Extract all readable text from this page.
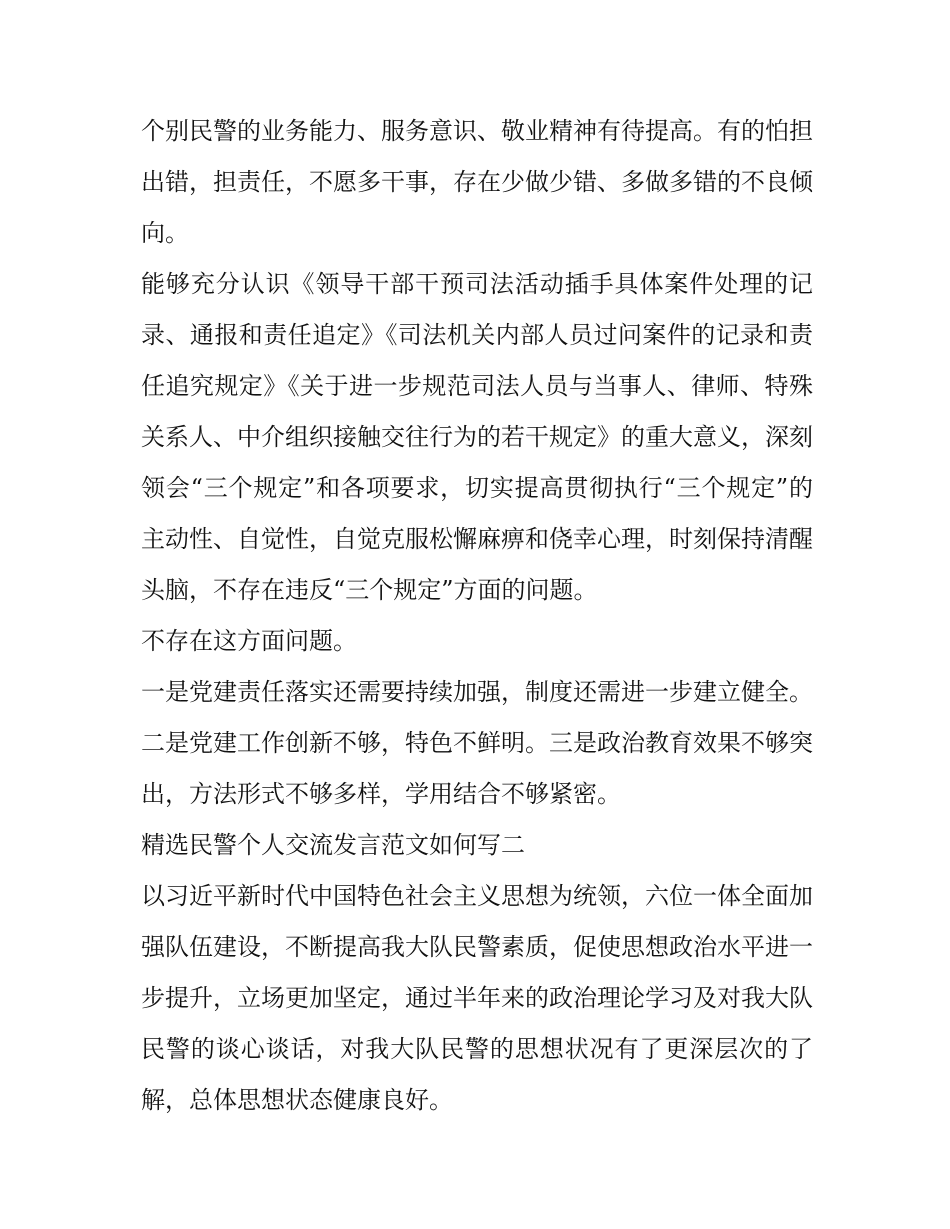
个别民警的业务能力、服务意识、敬业精神有待提高。有的怕担出错，担责任，不愿多干事，存在少做少错、多做多错的不良倾向。

能够充分认识《领导干部干预司法活动插手具体案件处理的记录、通报和责任追定》《司法机关内部人员过问案件的记录和责任追究规定》《关于进一步规范司法人员与当事人、律师、特殊关系人、中介组织接触交往行为的若干规定》的重大意义，深刻领会“三个规定”和各项要求，切实提高贯彻执行“三个规定”的主动性、自觉性，自觉克服松懈麻痹和侥幸心理，时刻保持清醒头脑，不存在违反“三个规定”方面的问题。

不存在这方面问题。

一是党建责任落实还需要持续加强，制度还需进一步建立健全。二是党建工作创新不够，特色不鲜明。三是政治教育效果不够突出，方法形式不够多样，学用结合不够紧密。

精选民警个人交流发言范文如何写二

以习近平新时代中国特色社会主义思想为统领，六位一体全面加强队伍建设，不断提高我大队民警素质，促使思想政治水平进一步提升，立场更加坚定，通过半年来的政治理论学习及对我大队民警的谈心谈话，对我大队民警的思想状况有了更深层次的了解，总体思想状态健康良好。
